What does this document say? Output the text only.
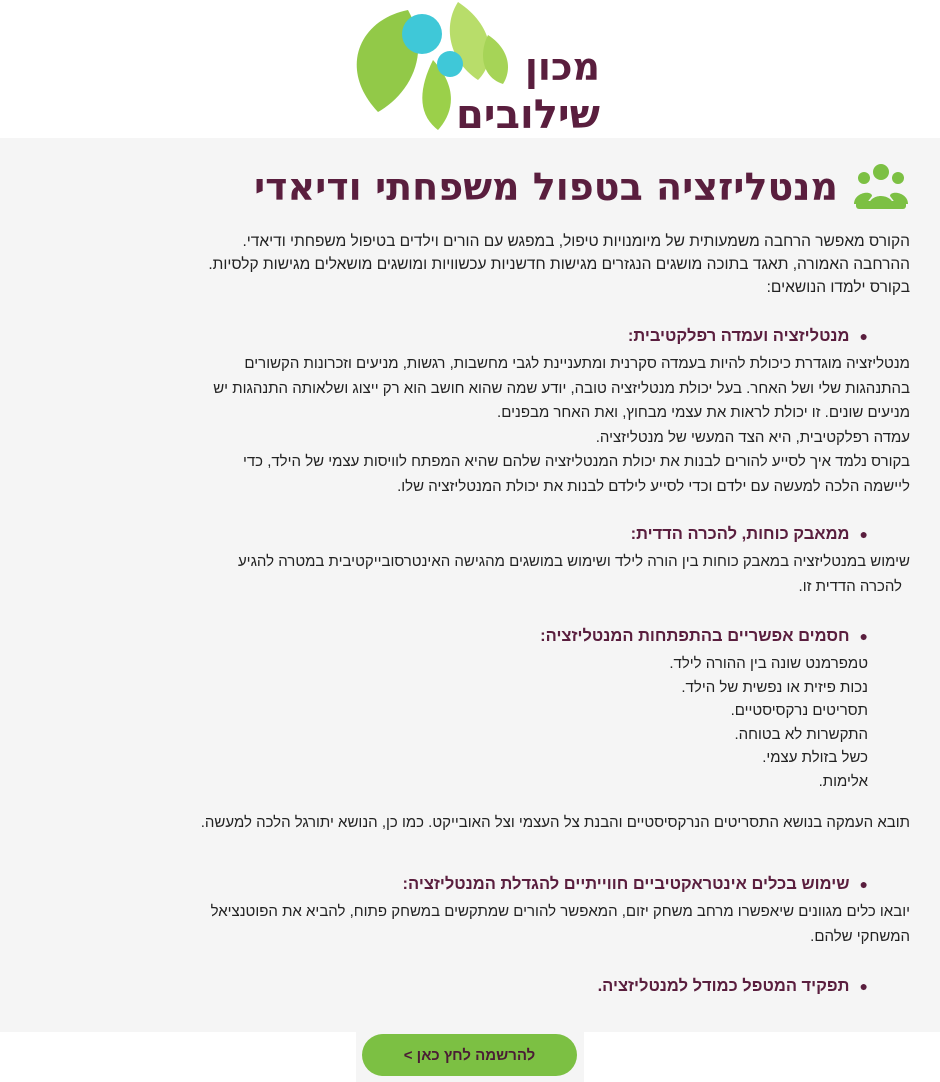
מכון
שילובים
מנטליזציה בטפול משפחתי ודיאדי

הקורס מאפשר הרחבה משמעותית של מיומנויות טיפול, במפגש עם הורים וילדים בטיפול משפחתי ודיאדי.

ההרחבה האמורה, תאגד בתוכה מושגים הנגזרים מגישות חדשניות עכשוויות ומושגים מושאלים מגישות קלסיות.

בקורס ילמדו הנושאים:

●
מנטליזציה ועמדה רפלקטיבית:

מנטליזציה מוגדרת כיכולת להיות בעמדה סקרנית ומתעניינת לגבי מחשבות, רגשות, מניעים וזכרונות הקשורים

בהתנהגות שלי ושל האחר. בעל יכולת מנטליזציה טובה, יודע שמה שהוא חושב הוא רק ייצוג ושלאותה התנהגות יש

מניעים שונים. זו יכולת לראות את עצמי מבחוץ, ואת האחר מבפנים.

עמדה רפלקטיבית, היא הצד המעשי של מנטליזציה.

בקורס נלמד איך לסייע להורים לבנות את יכולת המנטליזציה שלהם שהיא המפתח לוויסות עצמי של הילד, כדי

ליישמה הלכה למעשה עם ילדם וכדי לסייע לילדם לבנות את יכולת המנטליזציה שלו.

●
ממאבק כוחות, להכרה הדדית:

שימוש במנטליזציה במאבק כוחות בין הורה לילד ושימוש במושגים מהגישה האינטרסובייקטיבית במטרה להגיע

להכרה הדדית זו.

●
חסמים אפשריים בהתפתחות המנטליזציה:

טמפרמנט שונה בין ההורה לילד.

נכות פיזית או נפשית של הילד.

תסריטים נרקסיסטיים.

התקשרות לא בטוחה.

כשל בזולת עצמי.

אלימות.

תובא העמקה בנושא התסריטים הנרקסיסטיים והבנת צל העצמי וצל האובייקט. כמו כן, הנושא יתורגל הלכה למעשה.

●
שימוש בכלים אינטראקטיביים חווייתיים להגדלת המנטליזציה:

יובאו כלים מגוונים שיאפשרו מרחב משחק יזום, המאפשר להורים שמתקשים במשחק פתוח, להביא את הפוטנציאל

המשחקי שלהם.

●
תפקיד המטפל כמודל למנטליזציה.
להרשמה לחץ כאן >
